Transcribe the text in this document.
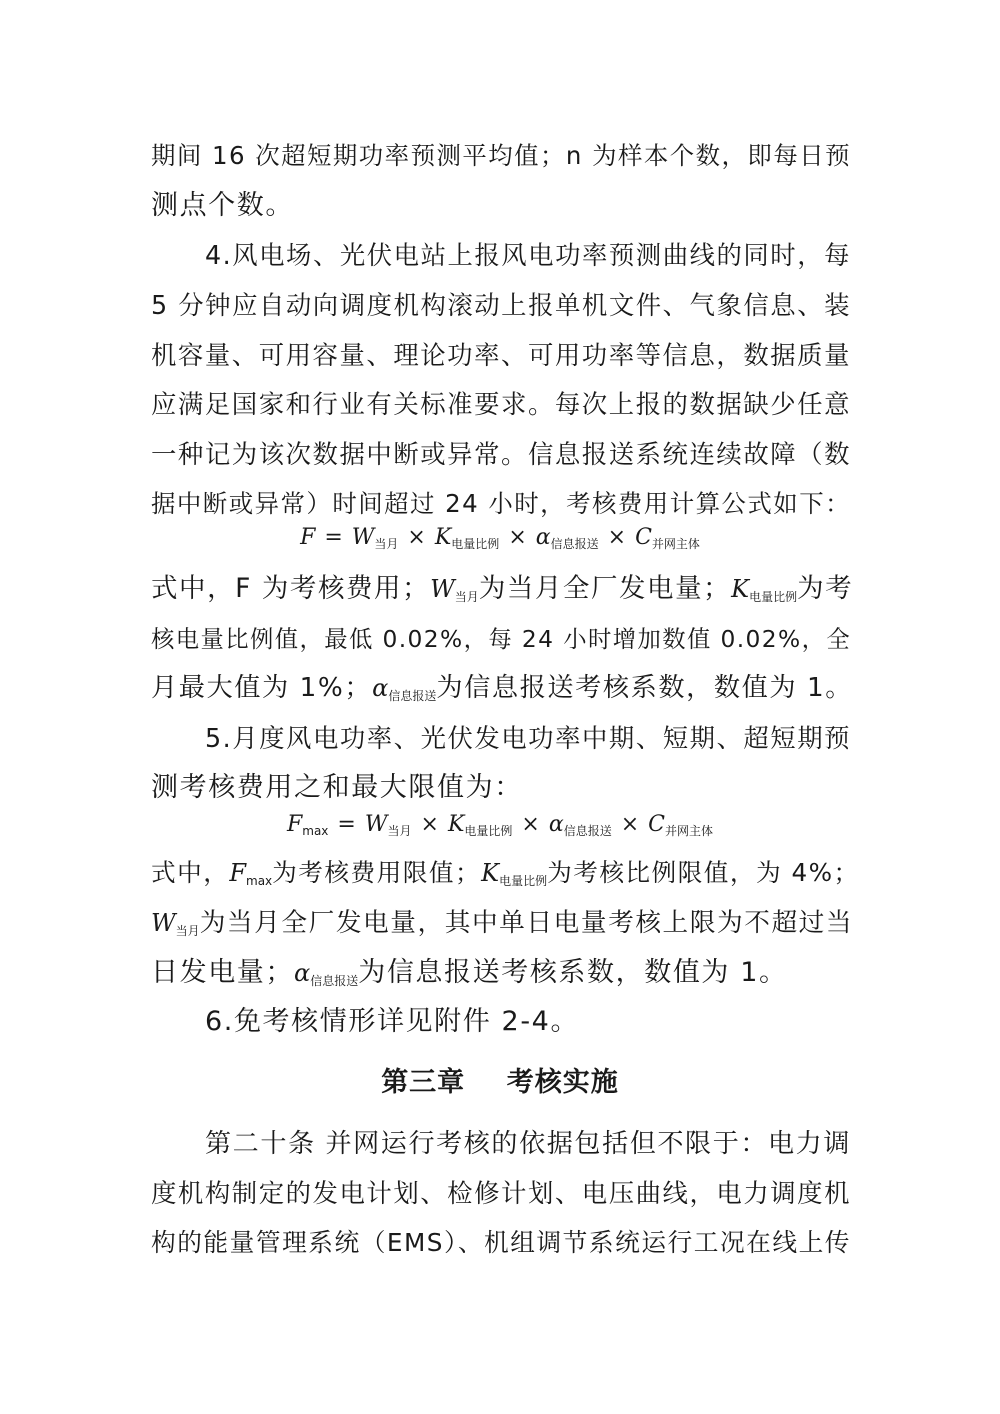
期间 16 次超短期功率预测平均值；n 为样本个数，即每日预
测点个数。
4.风电场、光伏电站上报风电功率预测曲线的同时，每
5 分钟应自动向调度机构滚动上报单机文件、气象信息、装
机容量、可用容量、理论功率、可用功率等信息，数据质量
应满足国家和行业有关标准要求。每次上报的数据缺少任意
一种记为该次数据中断或异常。信息报送系统连续故障（数
据中断或异常）时间超过 24 小时，考核费用计算公式如下：
$F = W_{当月} \times K_{电量比例} \times \alpha_{信息报送} \times C_{并网主体}$
式中，F 为考核费用；$W_{当月}$为当月全厂发电量；$K_{电量比例}$为考
核电量比例值，最低 0.02%，每 24 小时增加数值 0.02%，全
月最大值为 1%；$\alpha_{信息报送}$为信息报送考核系数，数值为 1。
5.月度风电功率、光伏发电功率中期、短期、超短期预
测考核费用之和最大限值为：
$F_{max} = W_{当月} \times K_{电量比例} \times \alpha_{信息报送} \times C_{并网主体}$
式中，$F_{max}$为考核费用限值；$K_{电量比例}$为考核比例限值，为 4%；
$W_{当月}$为当月全厂发电量，其中单日电量考核上限为不超过当
日发电量；$\alpha_{信息报送}$为信息报送考核系数，数值为 1。
6.免考核情形详见附件 2-4。
第三章    考核实施
第二十条 并网运行考核的依据包括但不限于：电力调
度机构制定的发电计划、检修计划、电压曲线，电力调度机
构的能量管理系统（EMS）、机组调节系统运行工况在线上传
